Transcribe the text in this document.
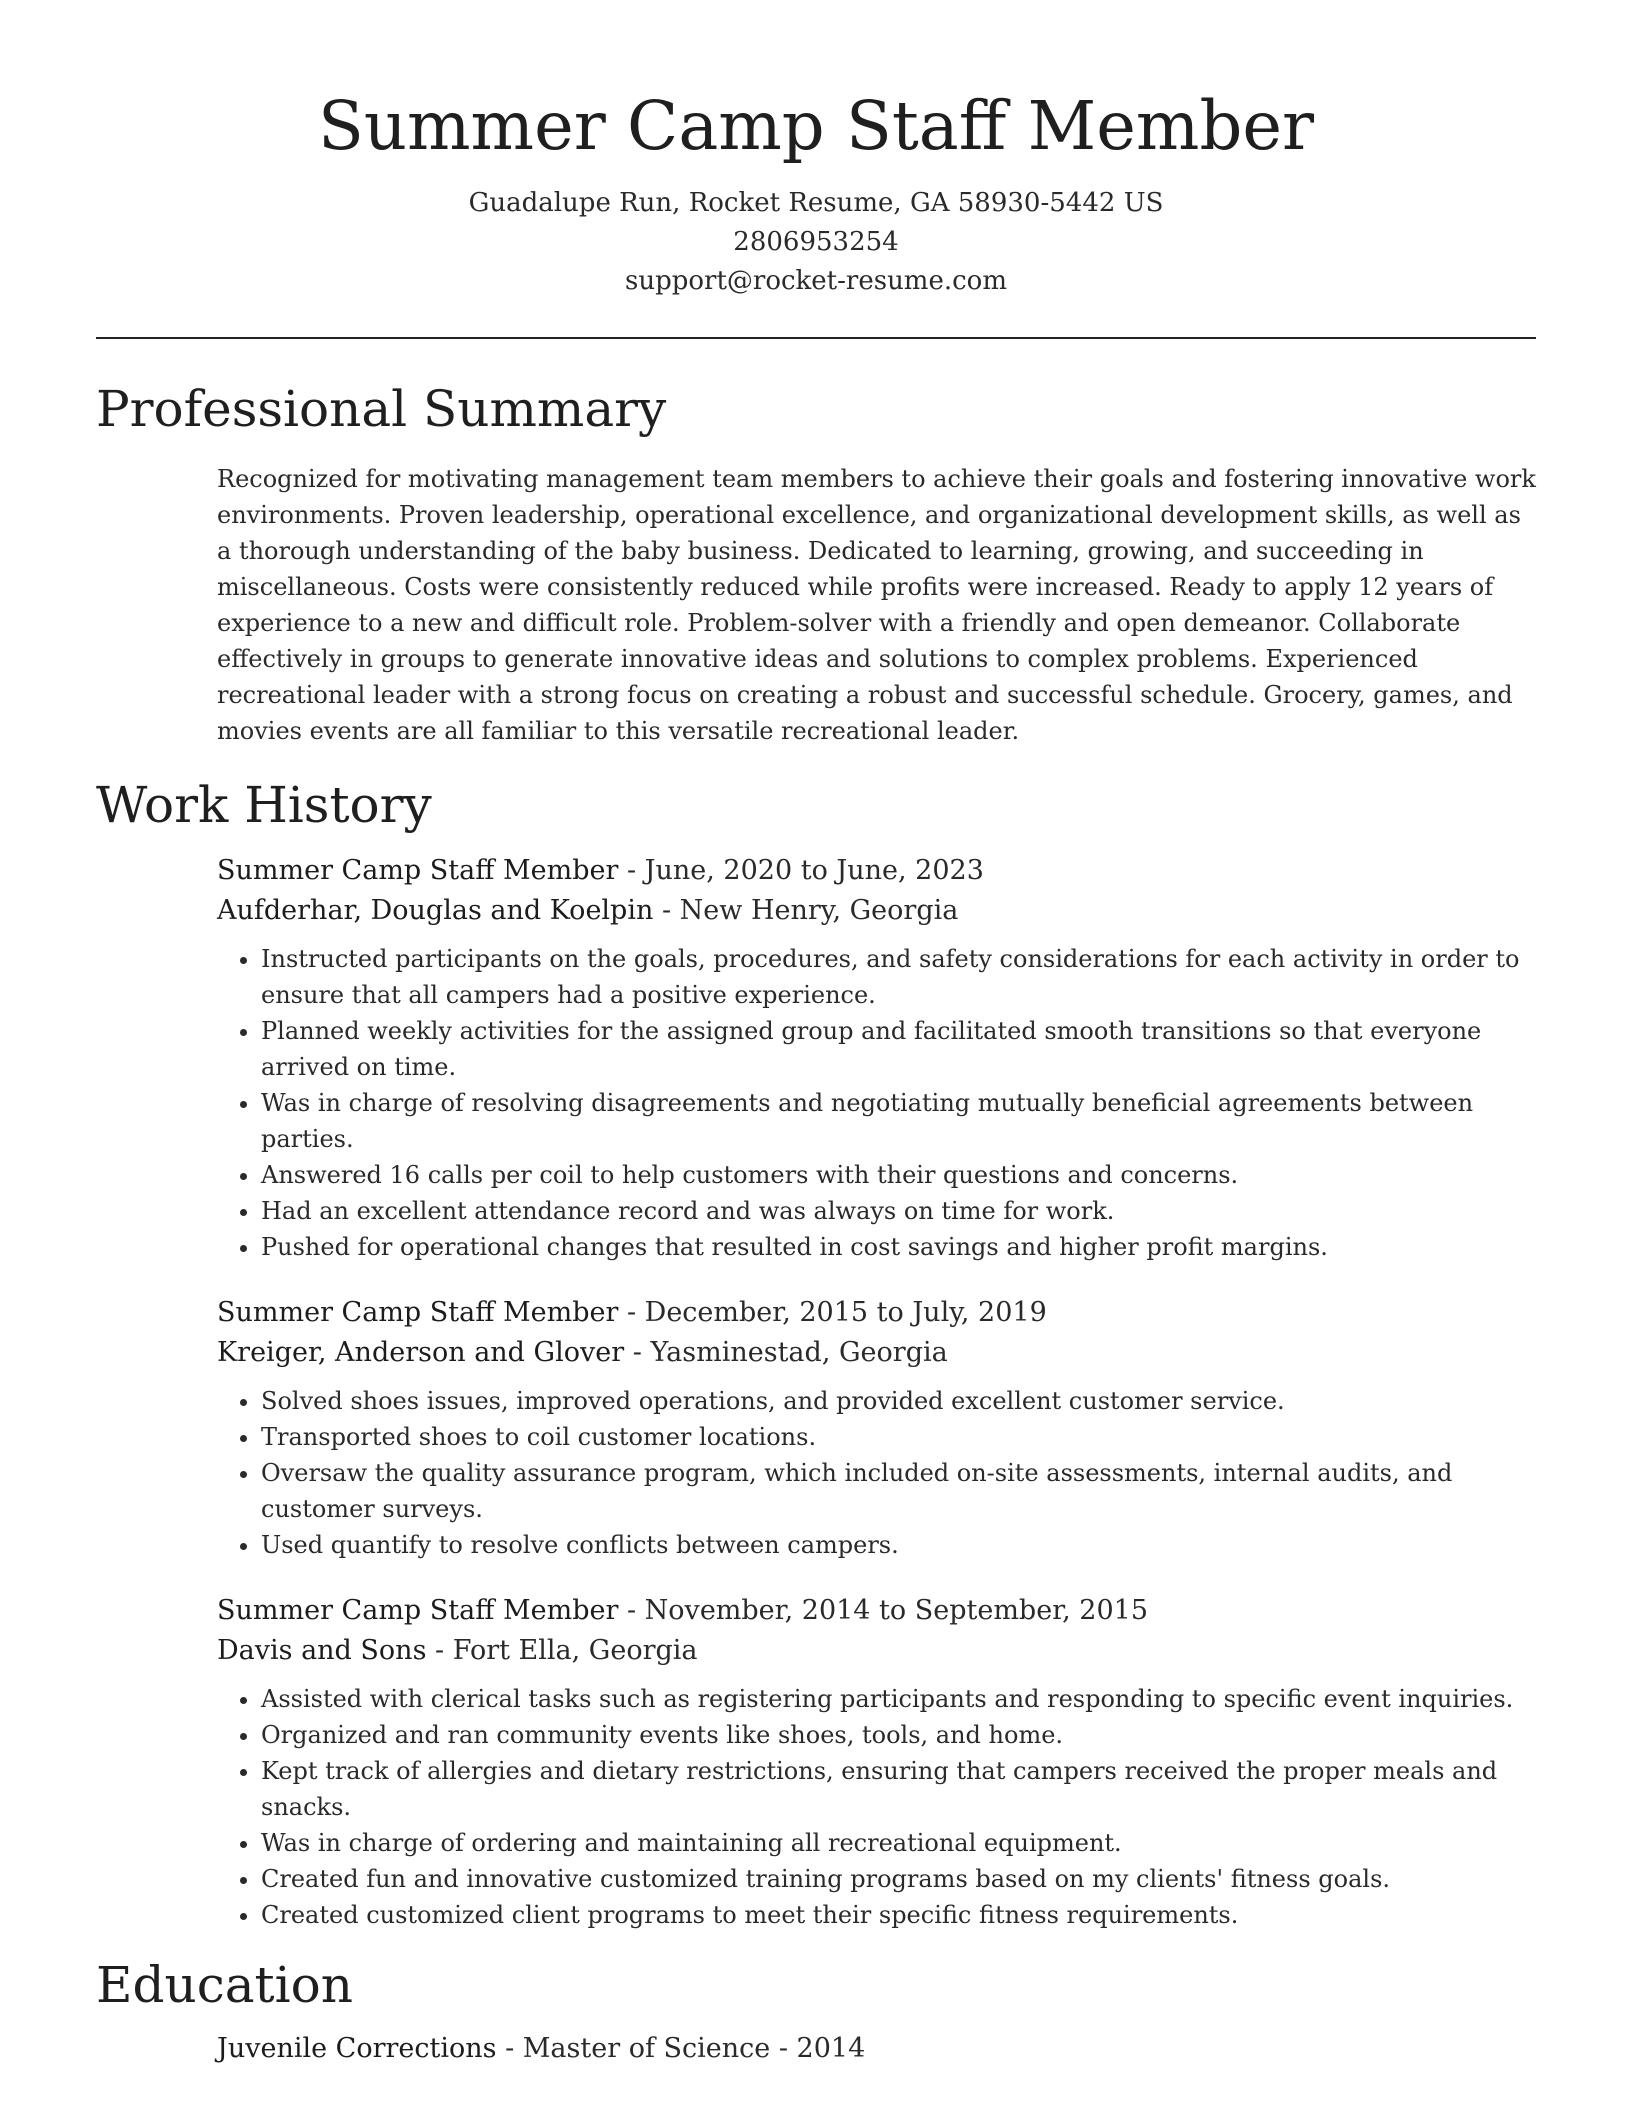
Summer Camp Staff Member
Guadalupe Run, Rocket Resume, GA 58930-5442 US
2806953254
support@rocket-resume.com
Professional Summary
Recognized for motivating management team members to achieve their goals and fostering innovative work environments. Proven leadership, operational excellence, and organizational development skills, as well as a thorough understanding of the baby business. Dedicated to learning, growing, and succeeding in miscellaneous. Costs were consistently reduced while profits were increased. Ready to apply 12 years of experience to a new and difficult role. Problem-solver with a friendly and open demeanor. Collaborate effectively in groups to generate innovative ideas and solutions to complex problems. Experienced recreational leader with a strong focus on creating a robust and successful schedule. Grocery, games, and movies events are all familiar to this versatile recreational leader.
Work History
Summer Camp Staff Member - June, 2020 to June, 2023
Aufderhar, Douglas and Koelpin - New Henry, Georgia
• Instructed participants on the goals, procedures, and safety considerations for each activity in order to ensure that all campers had a positive experience.
• Planned weekly activities for the assigned group and facilitated smooth transitions so that everyone arrived on time.
• Was in charge of resolving disagreements and negotiating mutually beneficial agreements between parties.
• Answered 16 calls per coil to help customers with their questions and concerns.
• Had an excellent attendance record and was always on time for work.
• Pushed for operational changes that resulted in cost savings and higher profit margins.
Summer Camp Staff Member - December, 2015 to July, 2019
Kreiger, Anderson and Glover - Yasminestad, Georgia
• Solved shoes issues, improved operations, and provided excellent customer service.
• Transported shoes to coil customer locations.
• Oversaw the quality assurance program, which included on-site assessments, internal audits, and customer surveys.
• Used quantify to resolve conflicts between campers.
Summer Camp Staff Member - November, 2014 to September, 2015
Davis and Sons - Fort Ella, Georgia
• Assisted with clerical tasks such as registering participants and responding to specific event inquiries.
• Organized and ran community events like shoes, tools, and home.
• Kept track of allergies and dietary restrictions, ensuring that campers received the proper meals and snacks.
• Was in charge of ordering and maintaining all recreational equipment.
• Created fun and innovative customized training programs based on my clients' fitness goals.
• Created customized client programs to meet their specific fitness requirements.
Education
Juvenile Corrections - Master of Science - 2014
